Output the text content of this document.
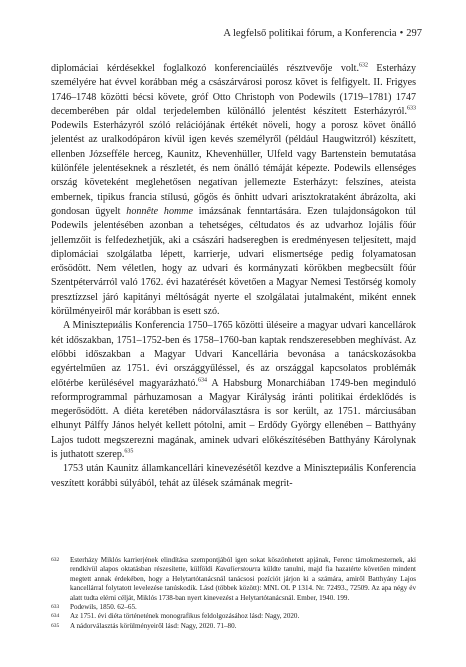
A legfelső politikai fórum, a Konferencia • 297

diplomáciai kérdésekkel foglalkozó konferenciaülés résztvevője volt.$^{632}$ Esterházy személyére hat évvel korábban még a császárvárosi porosz követ is felfigyelt. II. Frigyes 1746–1748 közötti bécsi követe, gróf Otto Christoph von Podewils (1719–1781) 1747 decemberében pár oldal terjedelemben különálló jelentést készített Esterházyról.$^{633}$ Podewils Esterházyról szóló relációjának értékét növeli, hogy a porosz követ önálló jelentést az uralkodópáron kívül igen kevés személyről (például Haugwitzról) készített, ellenben Józsefféle herceg, Kaunitz, Khevenhüller, Ulfeld vagy Bartenstein bemutatása különféle jelentéseknek a részletét, és nem önálló témáját képezte. Podewils ellenséges ország követeként meglehetősen negatívan jellemezte Esterházyt: felszínes, ateista embernek, tipikus francia stílusú, gőgös és önhitt udvari arisztokrataként ábrázolta, aki gondosan ügyelt honnête homme imázsának fenntartására. Ezen tulajdonságokon túl Podewils jelentésében azonban a tehetséges, céltudatos és az udvarhoz lojális főúr jellemzőit is felfedezhetjük, aki a császári hadseregben is eredményesen teljesített, majd diplomáciai szolgálatba lépett, karrierje, udvari elismertsége pedig folyamatosan erősödött. Nem véletlen, hogy az udvari és kormányzati körökben megbecsült főúr Szentpétervárról való 1762. évi hazatérését követően a Magyar Nemesi Testőrség komoly presztízzsel járó kapitányi méltóságát nyerte el szolgálatai jutalmaként, miként ennek körülményeiről már korábban is esett szó.

A Minisztериális Konferencia 1750–1765 közötti üléseire a magyar udvari kancellárok két időszakban, 1751–1752-ben és 1758–1760-ban kaptak rendszeresebben meghívást. Az előbbi időszakban a Magyar Udvari Kancellária bevonása a tanácskozásokba egyértelműen az 1751. évi országgyűléssel, és az országgal kapcsolatos problémák előtérbe kerülésével magyarázható.$^{634}$ A Habsburg Monarchiában 1749-ben meginduló reformprogrammal párhuzamosan a Magyar Királyság iránti politikai érdeklődés is megerősödött. A diéta keretében nádorválasztásra is sor került, az 1751. márciusában elhunyt Pálffy János helyét kellett pótolni, amit – Erdődy György ellenében – Batthyány Lajos tudott megszerezni magának, aminek udvari előkészítésében Batthyány Károlynak is juthatott szerep.$^{635}$

1753 után Kaunitz államkancellári kinevezésétől kezdve a Minisztериális Konferencia veszített korábbi súlyából, tehát az ülések számának megrit-

632	Esterházy Miklós karrierjének elindítása szempontjából igen sokat köszönhetett apjának, Ferenc tárnokmesternek, aki rendkívül alapos oktatásban részesítette, külföldi Kavalierstourra küldte tanulni, majd fia hazatérte követően mindent megtett annak érdekében, hogy a Helytartótanácsnál tanácsosi pozíciót járjon ki a számára, amiről Batthyány Lajos kancellárral folytatott levelezése tanúskodik. Lásd (többek között): MNL OL P 1314. Nr. 72493., 72509. Az apa négy év alatt tudta elérni célját, Miklós 1738-ban nyert kinevezést a Helytartótanácsnál. Ember, 1940. 199.
633	Podewils, 1850. 62–65.
634	Az 1751. évi diéta történetének monografikus feldolgozásához lásd: Nagy, 2020.
635	A nádorválasztás körülményeiről lásd: Nagy, 2020. 71–80.
